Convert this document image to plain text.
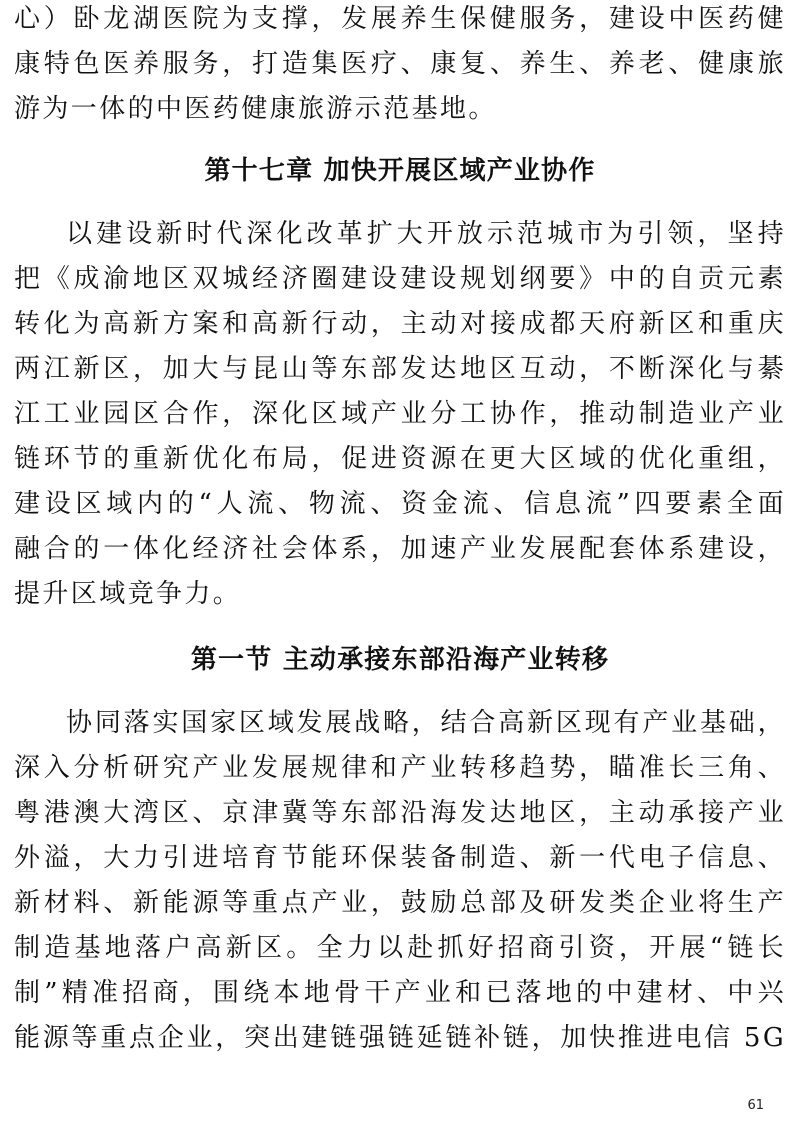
心）卧龙湖医院为支撑，发展养生保健服务，建设中医药健
康特色医养服务，打造集医疗、康复、养生、养老、健康旅
游为一体的中医药健康旅游示范基地。
第十七章 加快开展区域产业协作
以建设新时代深化改革扩大开放示范城市为引领，坚持
把《成渝地区双城经济圈建设建设规划纲要》中的自贡元素
转化为高新方案和高新行动，主动对接成都天府新区和重庆
两江新区，加大与昆山等东部发达地区互动，不断深化与綦
江工业园区合作，深化区域产业分工协作，推动制造业产业
链环节的重新优化布局，促进资源在更大区域的优化重组，
建设区域内的“人流、物流、资金流、信息流”四要素全面
融合的一体化经济社会体系，加速产业发展配套体系建设，
提升区域竞争力。
第一节 主动承接东部沿海产业转移
协同落实国家区域发展战略，结合高新区现有产业基础，
深入分析研究产业发展规律和产业转移趋势，瞄准长三角、
粤港澳大湾区、京津冀等东部沿海发达地区，主动承接产业
外溢，大力引进培育节能环保装备制造、新一代电子信息、
新材料、新能源等重点产业，鼓励总部及研发类企业将生产
制造基地落户高新区。全力以赴抓好招商引资，开展“链长
制”精准招商，围绕本地骨干产业和已落地的中建材、中兴
能源等重点企业，突出建链强链延链补链，加快推进电信 5G
61
